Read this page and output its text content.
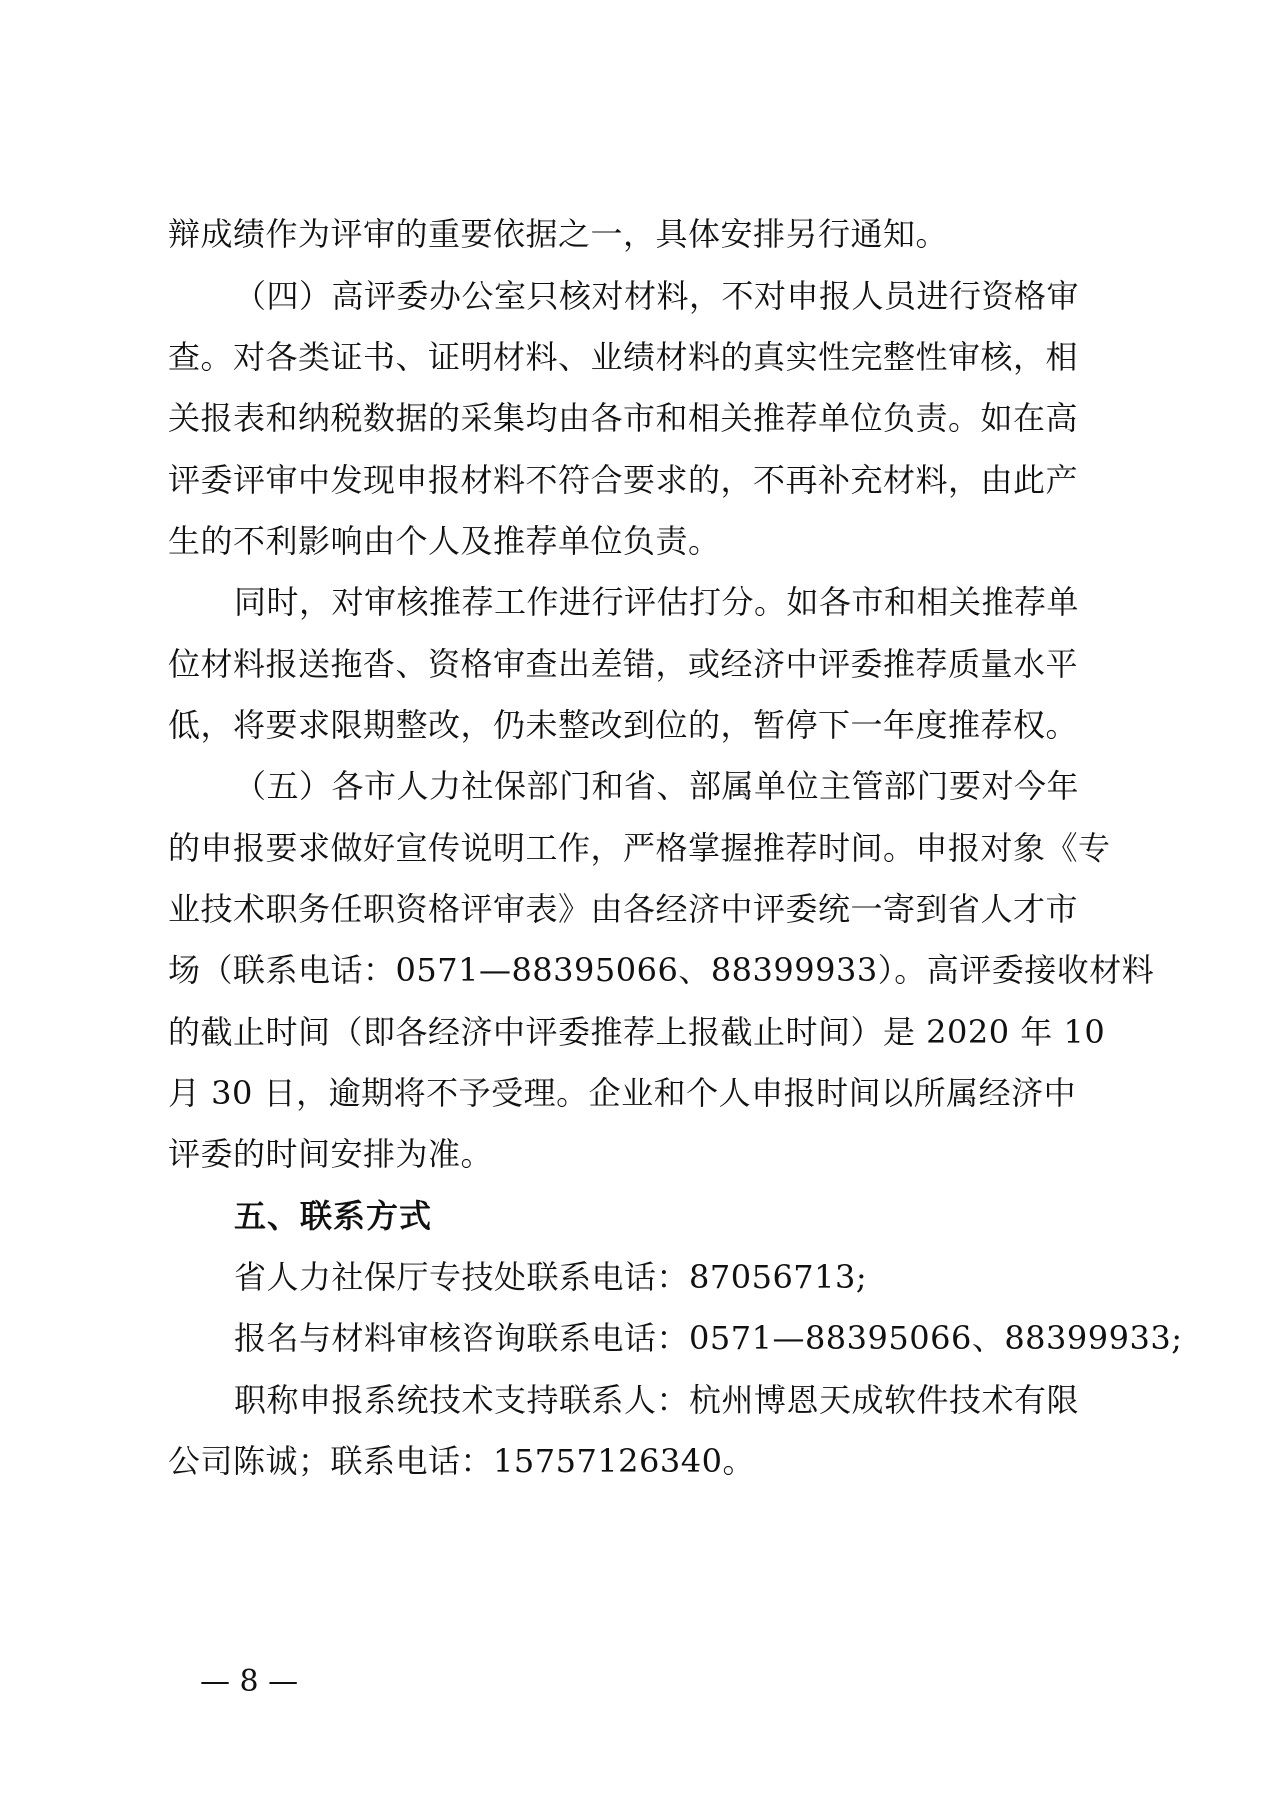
辩成绩作为评审的重要依据之一，具体安排另行通知。
（四）高评委办公室只核对材料，不对申报人员进行资格审
查。对各类证书、证明材料、业绩材料的真实性完整性审核，相
关报表和纳税数据的采集均由各市和相关推荐单位负责。如在高
评委评审中发现申报材料不符合要求的，不再补充材料，由此产
生的不利影响由个人及推荐单位负责。
同时，对审核推荐工作进行评估打分。如各市和相关推荐单
位材料报送拖沓、资格审查出差错，或经济中评委推荐质量水平
低，将要求限期整改，仍未整改到位的，暂停下一年度推荐权。
（五）各市人力社保部门和省、部属单位主管部门要对今年
的申报要求做好宣传说明工作，严格掌握推荐时间。申报对象《专
业技术职务任职资格评审表》由各经济中评委统一寄到省人才市
场（联系电话：0571—88395066、88399933）。高评委接收材料
的截止时间（即各经济中评委推荐上报截止时间）是 2020 年 10
月 30 日，逾期将不予受理。企业和个人申报时间以所属经济中
评委的时间安排为准。
五、联系方式
省人力社保厅专技处联系电话：87056713;
报名与材料审核咨询联系电话：0571—88395066、88399933;
职称申报系统技术支持联系人：杭州博恩天成软件技术有限
公司陈诚；联系电话：15757126340。
— 8 —
